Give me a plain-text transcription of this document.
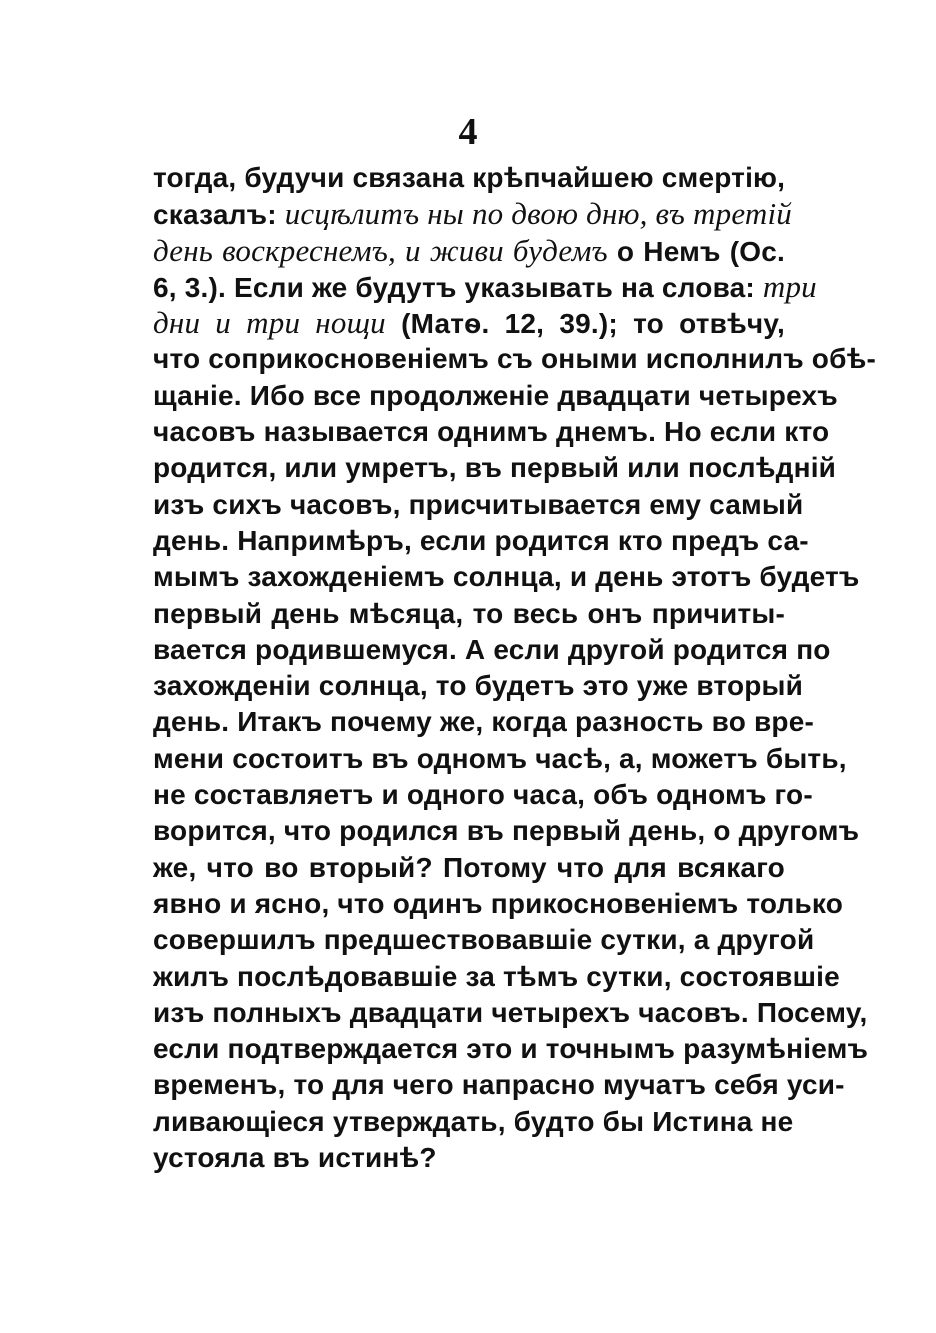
4
тогда, будучи связана крѣпчайшею смертію,
сказалъ: исцѣлитъ ны по двою дню, въ третій
день воскреснемъ, и живи будемъ о Немъ (Ос.
6, 3.). Если же будутъ указывать на слова: три
дни и три нощи (Матѳ. 12, 39.); то отвѣчу,
что соприкосновеніемъ съ оными исполнилъ обѣ-
щаніе. Ибо все продолженіе двадцати четырехъ
часовъ называется однимъ днемъ. Но если кто
родится, или умретъ, въ первый или послѣдній
изъ сихъ часовъ, присчитывается ему самый
день. Напримѣръ, если родится кто предъ са-
мымъ захожденіемъ солнца, и день этотъ будетъ
первый день мѣсяца, то весь онъ причиты-
вается родившемуся. А если другой родится по
захожденіи солнца, то будетъ это уже вторый
день. Итакъ почему же, когда разность во вре-
мени состоитъ въ одномъ часѣ, а, можетъ быть,
не составляетъ и одного часа, объ одномъ го-
ворится, что родился въ первый день, о другомъ
же, что во вторый? Потому что для всякаго
явно и ясно, что одинъ прикосновеніемъ только
совершилъ предшествовавшіе сутки, а другой
жилъ послѣдовавшіе за тѣмъ сутки, состоявшіе
изъ полныхъ двадцати четырехъ часовъ. Посему,
если подтверждается это и точнымъ разумѣніемъ
временъ, то для чего напрасно мучатъ себя уси-
ливающіеся утверждать, будто бы Истина не
устояла въ истинѣ?
